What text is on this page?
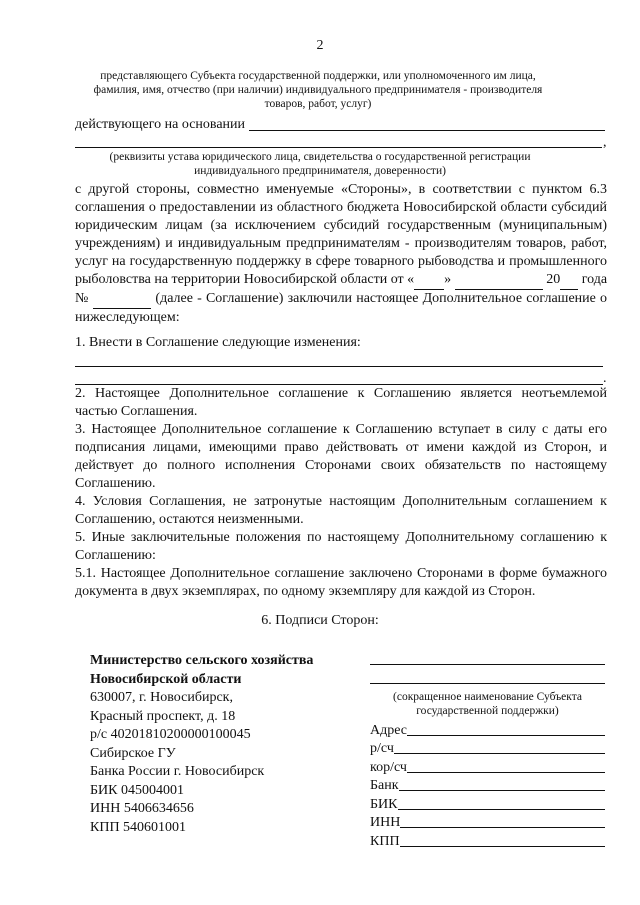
2
представляющего Субъекта государственной поддержки, или уполномоченного им лица, фамилия, имя, отчество (при наличии) индивидуального предпринимателя - производителя товаров, работ, услуг)
действующего на основании
,
(реквизиты устава юридического лица, свидетельства о государственной регистрации индивидуального предпринимателя, доверенности)
с другой стороны, совместно именуемые «Стороны», в соответствии с пунктом 6.3 соглашения о предоставлении из областного бюджета Новосибирской области субсидий юридическим лицам (за исключением субсидий государственным (муниципальным) учреждениям) и индивидуальным предпринимателям - производителям товаров, работ, услуг на государственную поддержку в сфере товарного рыбоводства и промышленного рыболовства на территории Новосибирской области от « »	20 года №	(далее - Соглашение) заключили настоящее Дополнительное соглашение о нижеследующем:
1. Внести в Соглашение следующие изменения:
.
2. Настоящее Дополнительное соглашение к Соглашению является неотъемлемой частью Соглашения.
3. Настоящее Дополнительное соглашение к Соглашению вступает в силу с даты его подписания лицами, имеющими право действовать от имени каждой из Сторон, и действует до полного исполнения Сторонами своих обязательств по настоящему Соглашению.
4. Условия Соглашения, не затронутые настоящим Дополнительным соглашением к Соглашению, остаются неизменными.
5. Иные заключительные положения по настоящему Дополнительному соглашению к Соглашению:
5.1. Настоящее Дополнительное соглашение заключено Сторонами в форме бумажного документа в двух экземплярах, по одному экземпляру для каждой из Сторон.
6. Подписи Сторон:
Министерство сельского хозяйства
Новосибирской области
630007, г. Новосибирск,
Красный проспект, д. 18
р/с 40201810200000100045
Сибирское ГУ
Банка России г. Новосибирск
БИК 045004001
ИНН 5406634656
КПП 540601001
(сокращенное наименование Субъекта государственной поддержки)
Адрес
р/сч
кор/сч
Банк
БИК
ИНН
КПП
